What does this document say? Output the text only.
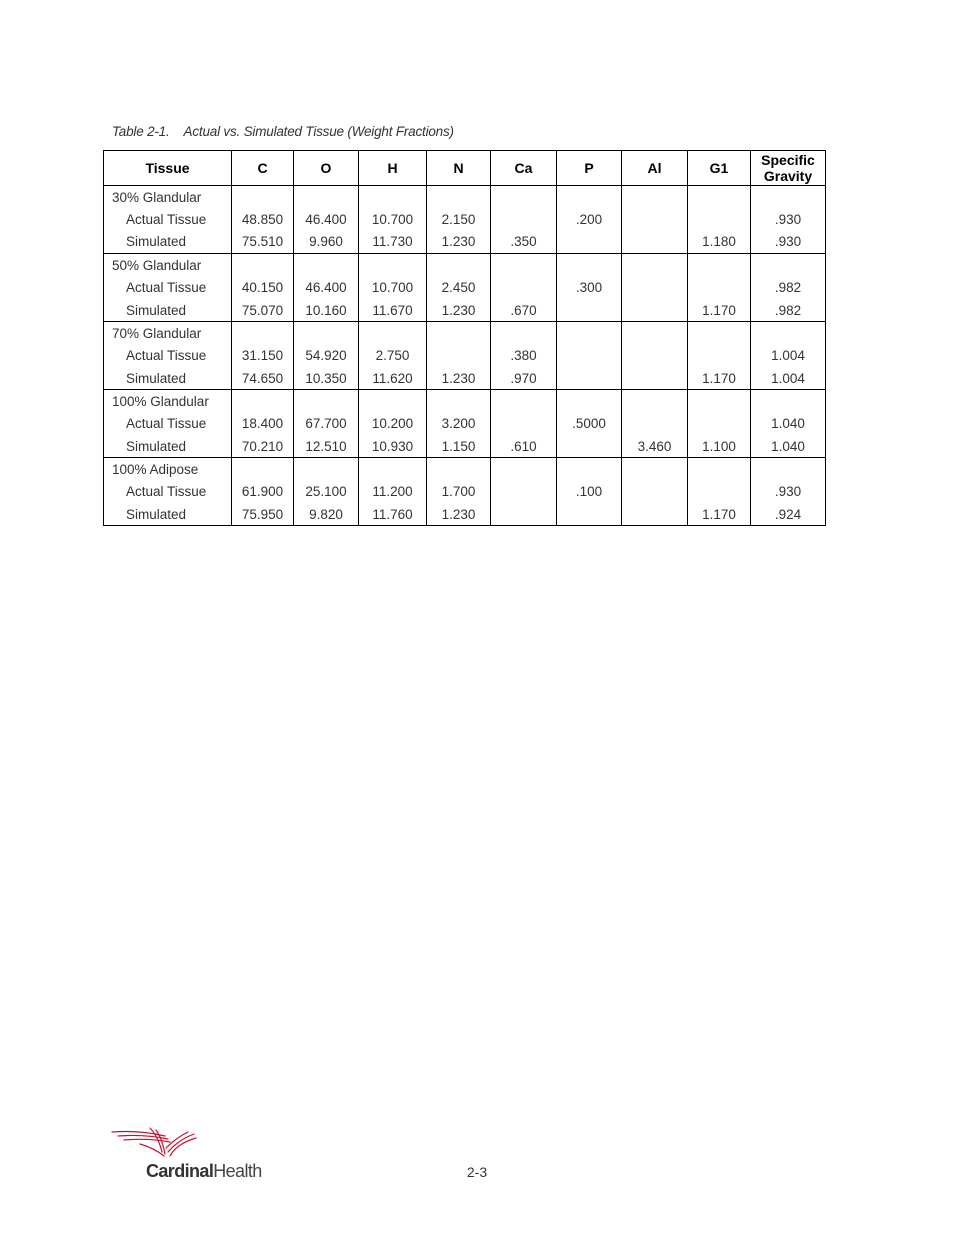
Table 2-1. Actual vs. Simulated Tissue (Weight Fractions)
Tissue	C	O	H	N	Ca	P	Al	G1	Specific Gravity
30% Glandular									
Actual Tissue	48.850	46.400	10.700	2.150		.200			.930
Simulated	75.510	9.960	11.730	1.230	.350			1.180	.930
50% Glandular									
Actual Tissue	40.150	46.400	10.700	2.450		.300			.982
Simulated	75.070	10.160	11.670	1.230	.670			1.170	.982
70% Glandular									
Actual Tissue	31.150	54.920	2.750		.380				1.004
Simulated	74.650	10.350	11.620	1.230	.970			1.170	1.004
100% Glandular									
Actual Tissue	18.400	67.700	10.200	3.200		.5000			1.040
Simulated	70.210	12.510	10.930	1.150	.610		3.460	1.100	1.040
100% Adipose									
Actual Tissue	61.900	25.100	11.200	1.700		.100			.930
Simulated	75.950	9.820	11.760	1.230				1.170	.924
CardinalHealth	2-3
